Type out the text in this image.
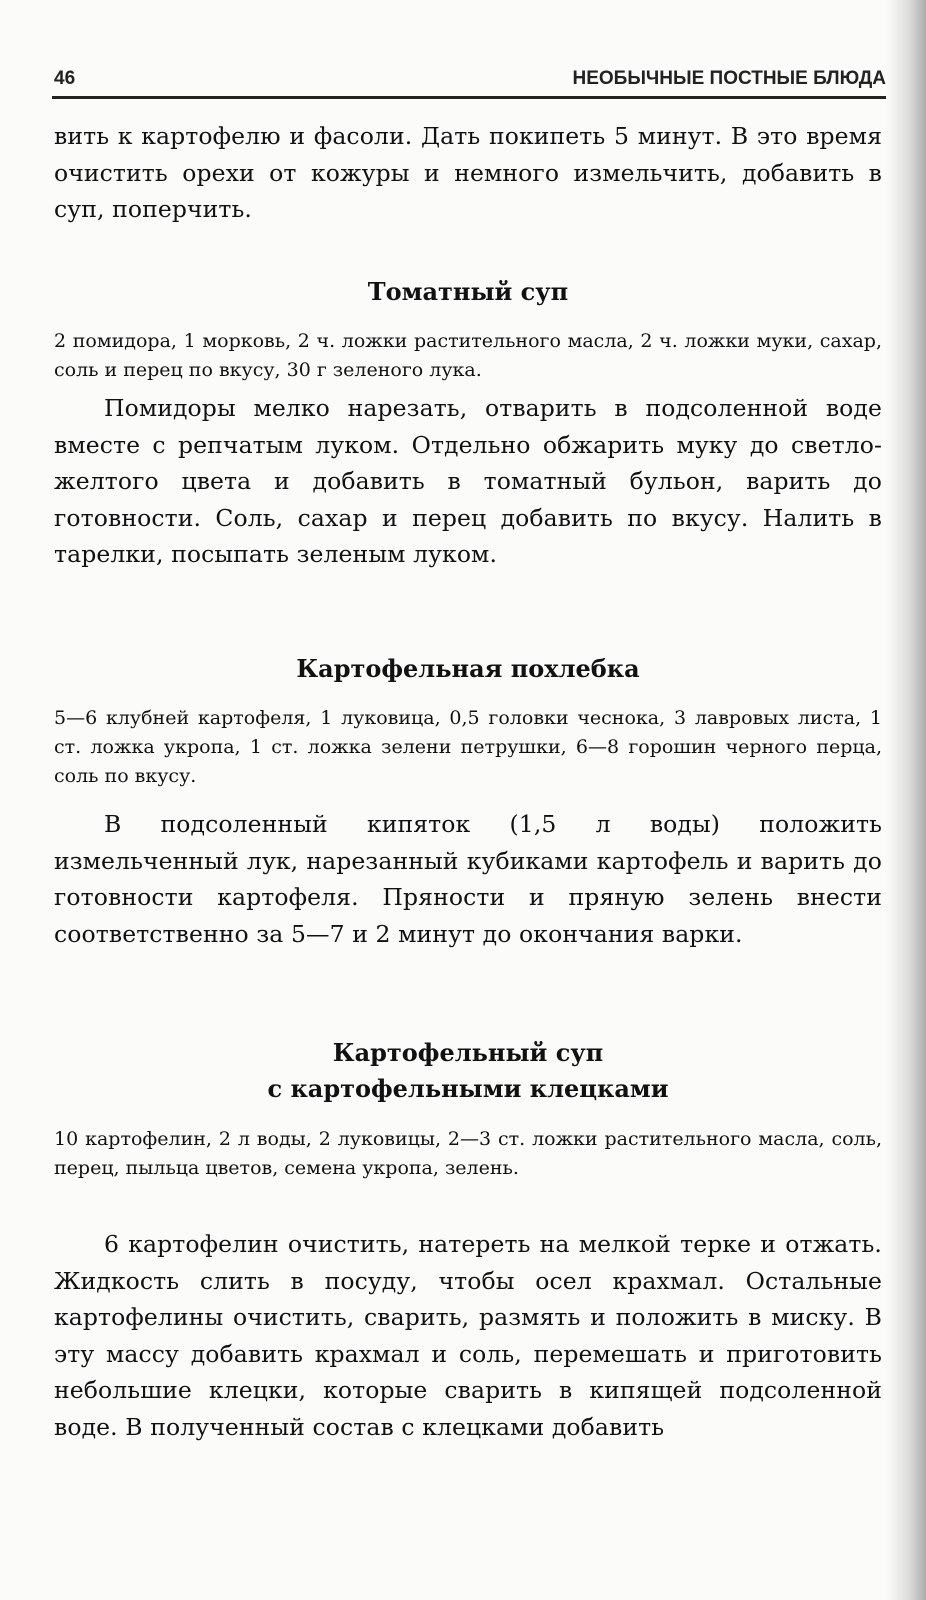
46	НЕОБЫЧНЫЕ ПОСТНЫЕ БЛЮДА
вить к картофелю и фасоли. Дать покипеть 5 минут. В это время очистить орехи от кожуры и немного измельчить, добавить в суп, поперчить.
Томатный суп
2 помидора, 1 морковь, 2 ч. ложки растительного масла, 2 ч. ложки муки, сахар, соль и перец по вкусу, 30 г зеленого лука.
Помидоры мелко нарезать, отварить в подсоленной воде вместе с репчатым луком. Отдельно обжарить муку до светло-желтого цвета и добавить в томатный бульон, варить до готовности. Соль, сахар и перец добавить по вкусу. Налить в тарелки, посыпать зеленым луком.
Картофельная похлебка
5—6 клубней картофеля, 1 луковица, 0,5 головки чеснока, 3 лавровых листа, 1 ст. ложка укропа, 1 ст. ложка зелени петрушки, 6—8 горошин черного перца, соль по вкусу.
В подсоленный кипяток (1,5 л воды) положить измельченный лук, нарезанный кубиками картофель и варить до готовности картофеля. Пряности и пряную зелень внести соответственно за 5—7 и 2 минут до окончания варки.
Картофельный суп
с картофельными клецками
10 картофелин, 2 л воды, 2 луковицы, 2—3 ст. ложки растительного масла, соль, перец, пыльца цветов, семена укропа, зелень.
6 картофелин очистить, натереть на мелкой терке и отжать. Жидкость слить в посуду, чтобы осел крахмал. Остальные картофелины очистить, сварить, размять и положить в миску. В эту массу добавить крахмал и соль, перемешать и приготовить небольшие клецки, которые сварить в кипящей подсоленной воде. В полученный состав с клецками добавить
